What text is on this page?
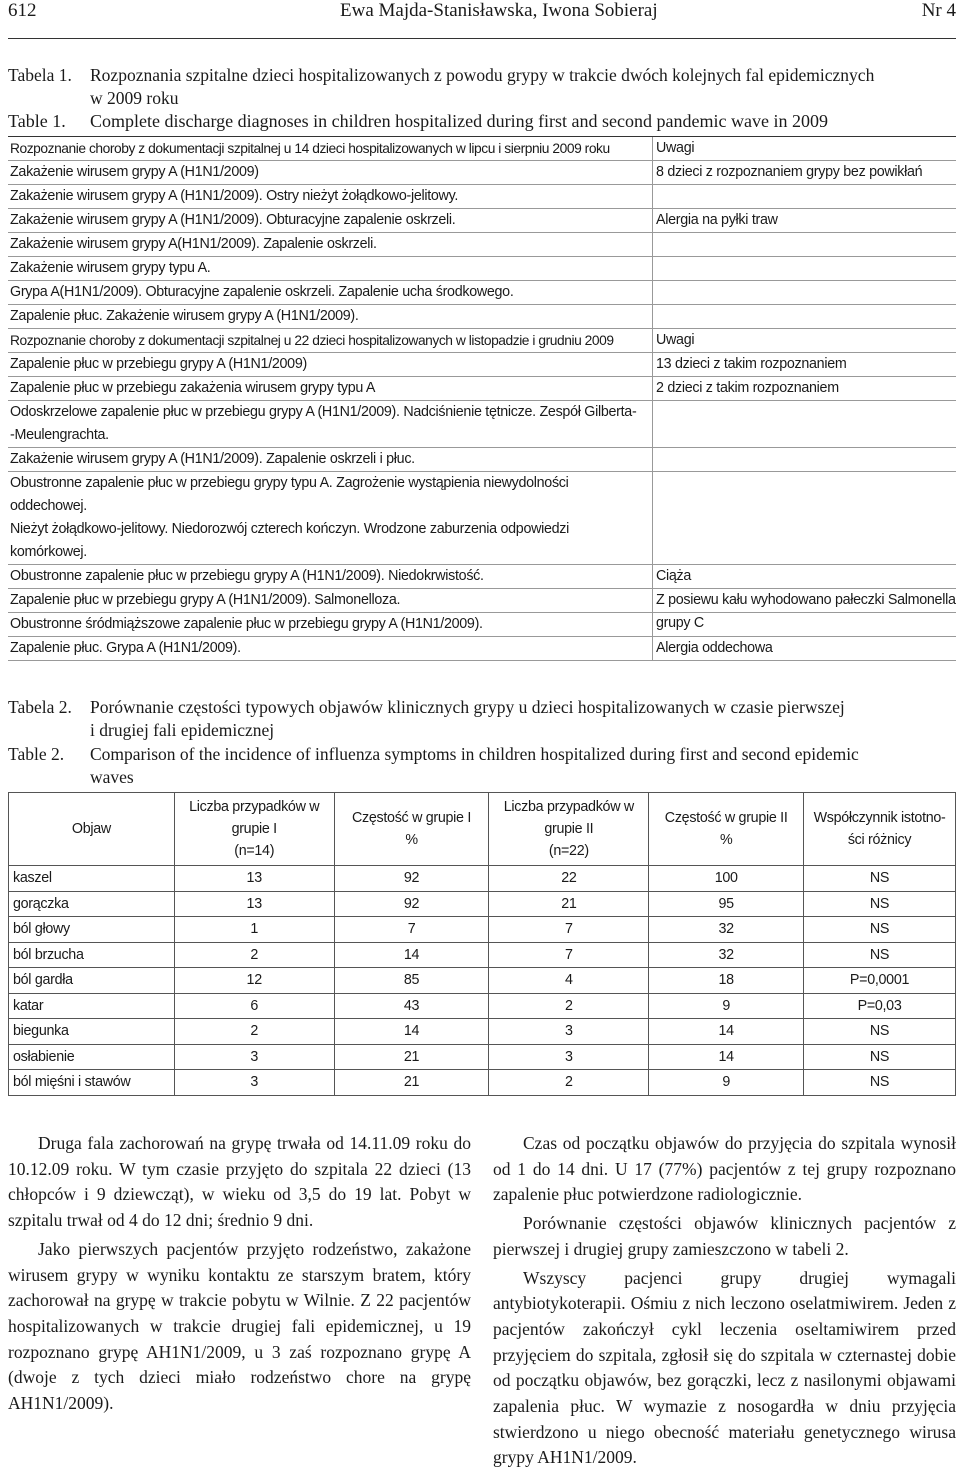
612	Ewa Majda-Stanisławska, Iwona Sobieraj	Nr 4
Tabela 1.	Rozpoznania szpitalne dzieci hospitalizowanych z powodu grypy w trakcie dwóch kolejnych fal epidemicznych
w 2009 roku
Table 1.	Complete discharge diagnoses in children hospitalized during first and second pandemic wave in 2009
Rozpoznanie choroby z dokumentacji szpitalnej u 14 dzieci hospitalizowanych w lipcu i sierpniu 2009 roku	Uwagi
Zakażenie wirusem grypy A (H1N1/2009)	8 dzieci z rozpoznaniem grypy bez powikłań
Zakażenie wirusem grypy A (H1N1/2009). Ostry nieżyt żołądkowo-jelitowy.
Zakażenie wirusem grypy A (H1N1/2009). Obturacyjne zapalenie oskrzeli.	Alergia na pyłki traw
Zakażenie wirusem grypy A(H1N1/2009). Zapalenie oskrzeli.
Zakażenie wirusem grypy typu A.
Grypa A(H1N1/2009). Obturacyjne zapalenie oskrzeli. Zapalenie ucha środkowego.
Zapalenie płuc. Zakażenie wirusem grypy A (H1N1/2009).
Rozpoznanie choroby z dokumentacji szpitalnej u 22 dzieci hospitalizowanych w listopadzie i grudniu 2009	Uwagi
Zapalenie płuc w przebiegu grypy A (H1N1/2009)	13 dzieci z takim rozpoznaniem
Zapalenie płuc w przebiegu zakażenia wirusem grypy typu A	2 dzieci z takim rozpoznaniem
Odoskrzelowe zapalenie płuc w przebiegu grypy A (H1N1/2009). Nadciśnienie tętnicze. Zespół Gilberta-
-Meulengrachta.
Zakażenie wirusem grypy A (H1N1/2009). Zapalenie oskrzeli i płuc.
Obustronne zapalenie płuc w przebiegu grypy typu A. Zagrożenie wystąpienia niewydolności oddechowej.
Nieżyt żołądkowo-jelitowy. Niedorozwój czterech kończyn. Wrodzone zaburzenia odpowiedzi komórkowej.
Obustronne zapalenie płuc w przebiegu grypy A (H1N1/2009). Niedokrwistość.	Ciąża
Zapalenie płuc w przebiegu grypy A (H1N1/2009). Salmonelloza.	Z posiewu kału wyhodowano pałeczki Salmonella
grupy C
Obustronne śródmiąższowe zapalenie płuc w przebiegu grypy A (H1N1/2009).
Zapalenie płuc. Grypa A (H1N1/2009).	Alergia oddechowa
Tabela 2.	Porównanie częstości typowych objawów klinicznych grypy u dzieci hospitalizowanych w czasie pierwszej
i drugiej fali epidemicznej
Table 2.	Comparison of the incidence of influenza symptoms in children hospitalized during first and second epidemic
waves
Objaw	Liczba przypadków w
grupie I
(n=14)	Częstość w grupie I
%	Liczba przypadków w
grupie II
(n=22)	Częstość w grupie II
%	Współczynnik istotno-
ści różnicy

kaszel	13	92	22	100	NS
gorączka	13	92	21	95	NS
ból głowy	1	7	7	32	NS
ból brzucha	2	14	7	32	NS
ból gardła	12	85	4	18	P=0,0001
katar	6	43	2	9	P=0,03
biegunka	2	14	3	14	NS
osłabienie	3	21	3	14	NS
ból mięśni i stawów	3	21	2	9	NS

Druga fala zachorowań na grypę trwała od 14.11.09 roku do 10.12.09 roku. W tym czasie przyjęto do szpitala 22 dzieci (13 chłopców i 9 dziewcząt), w wieku od 3,5 do 19 lat. Pobyt w szpitalu trwał od 4 do 12 dni; średnio 9 dni.

Jako pierwszych pacjentów przyjęto rodzeństwo, zakażone wirusem grypy w wyniku kontaktu ze starszym bratem, który zachorował na grypę w trakcie pobytu w Wilnie. Z 22 pacjentów hospitalizowanych w trakcie drugiej fali epidemicznej, u 19 rozpoznano grypę AH1N1/2009, u 3 zaś rozpoznano grypę A (dwoje z tych dzieci miało rodzeństwo chore na grypę AH1N1/2009).

Czas od początku objawów do przyjęcia do szpitala wynosił od 1 do 14 dni. U 17 (77%) pacjentów z tej grupy rozpoznano zapalenie płuc potwierdzone radiologicznie.

Porównanie częstości objawów klinicznych pacjentów z pierwszej i drugiej grupy zamieszczono w tabeli 2.

Wszyscy pacjenci grupy drugiej wymagali antybiotykoterapii. Ośmiu z nich leczono oselatmiwirem. Jeden z pacjentów zakończył cykl leczenia oseltamiwirem przed przyjęciem do szpitala, zgłosił się do szpitala w czternastej dobie od początku objawów, bez gorączki, lecz z nasilonymi objawami zapalenia płuc. W wymazie z nosogardła w dniu przyjęcia stwierdzono u niego obecność materiału genetycznego wirusa grypy AH1N1/2009.
